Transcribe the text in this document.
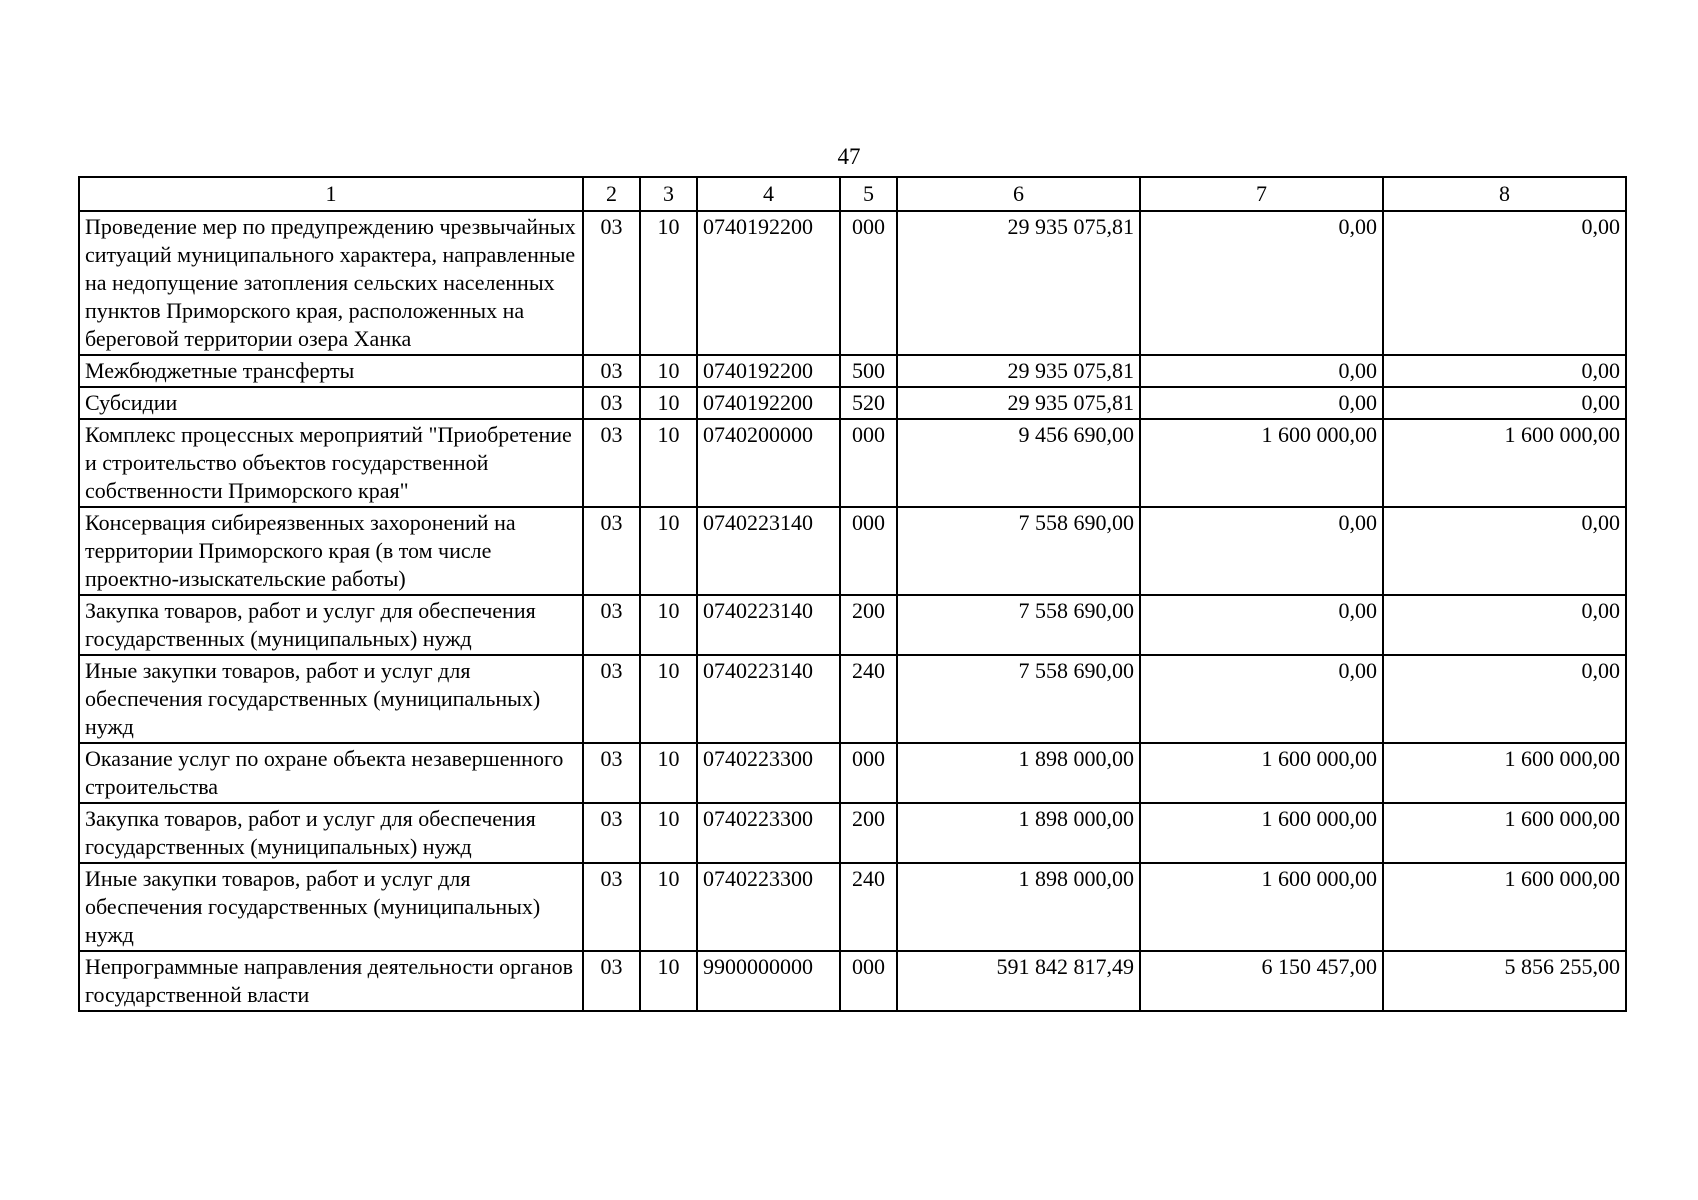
47
1	2	3	4	5	6	7	8
Проведение мер по предупреждению чрезвычайных ситуаций муниципального характера, направленные на недопущение затопления сельских населенных пунктов Приморского края, расположенных на береговой территории озера Ханка	03	10	0740192200	000	29 935 075,81	0,00	0,00
Межбюджетные трансферты	03	10	0740192200	500	29 935 075,81	0,00	0,00
Субсидии	03	10	0740192200	520	29 935 075,81	0,00	0,00
Комплекс процессных мероприятий "Приобретение и строительство объектов государственной собственности Приморского края"	03	10	0740200000	000	9 456 690,00	1 600 000,00	1 600 000,00
Консервация сибиреязвенных захоронений на территории Приморского края (в том числе проектно-изыскательские работы)	03	10	0740223140	000	7 558 690,00	0,00	0,00
Закупка товаров, работ и услуг для обеспечения государственных (муниципальных) нужд	03	10	0740223140	200	7 558 690,00	0,00	0,00
Иные закупки товаров, работ и услуг для обеспечения государственных (муниципальных) нужд	03	10	0740223140	240	7 558 690,00	0,00	0,00
Оказание услуг по охране объекта незавершенного строительства	03	10	0740223300	000	1 898 000,00	1 600 000,00	1 600 000,00
Закупка товаров, работ и услуг для обеспечения государственных (муниципальных) нужд	03	10	0740223300	200	1 898 000,00	1 600 000,00	1 600 000,00
Иные закупки товаров, работ и услуг для обеспечения государственных (муниципальных) нужд	03	10	0740223300	240	1 898 000,00	1 600 000,00	1 600 000,00
Непрограммные направления деятельности органов государственной власти	03	10	9900000000	000	591 842 817,49	6 150 457,00	5 856 255,00
